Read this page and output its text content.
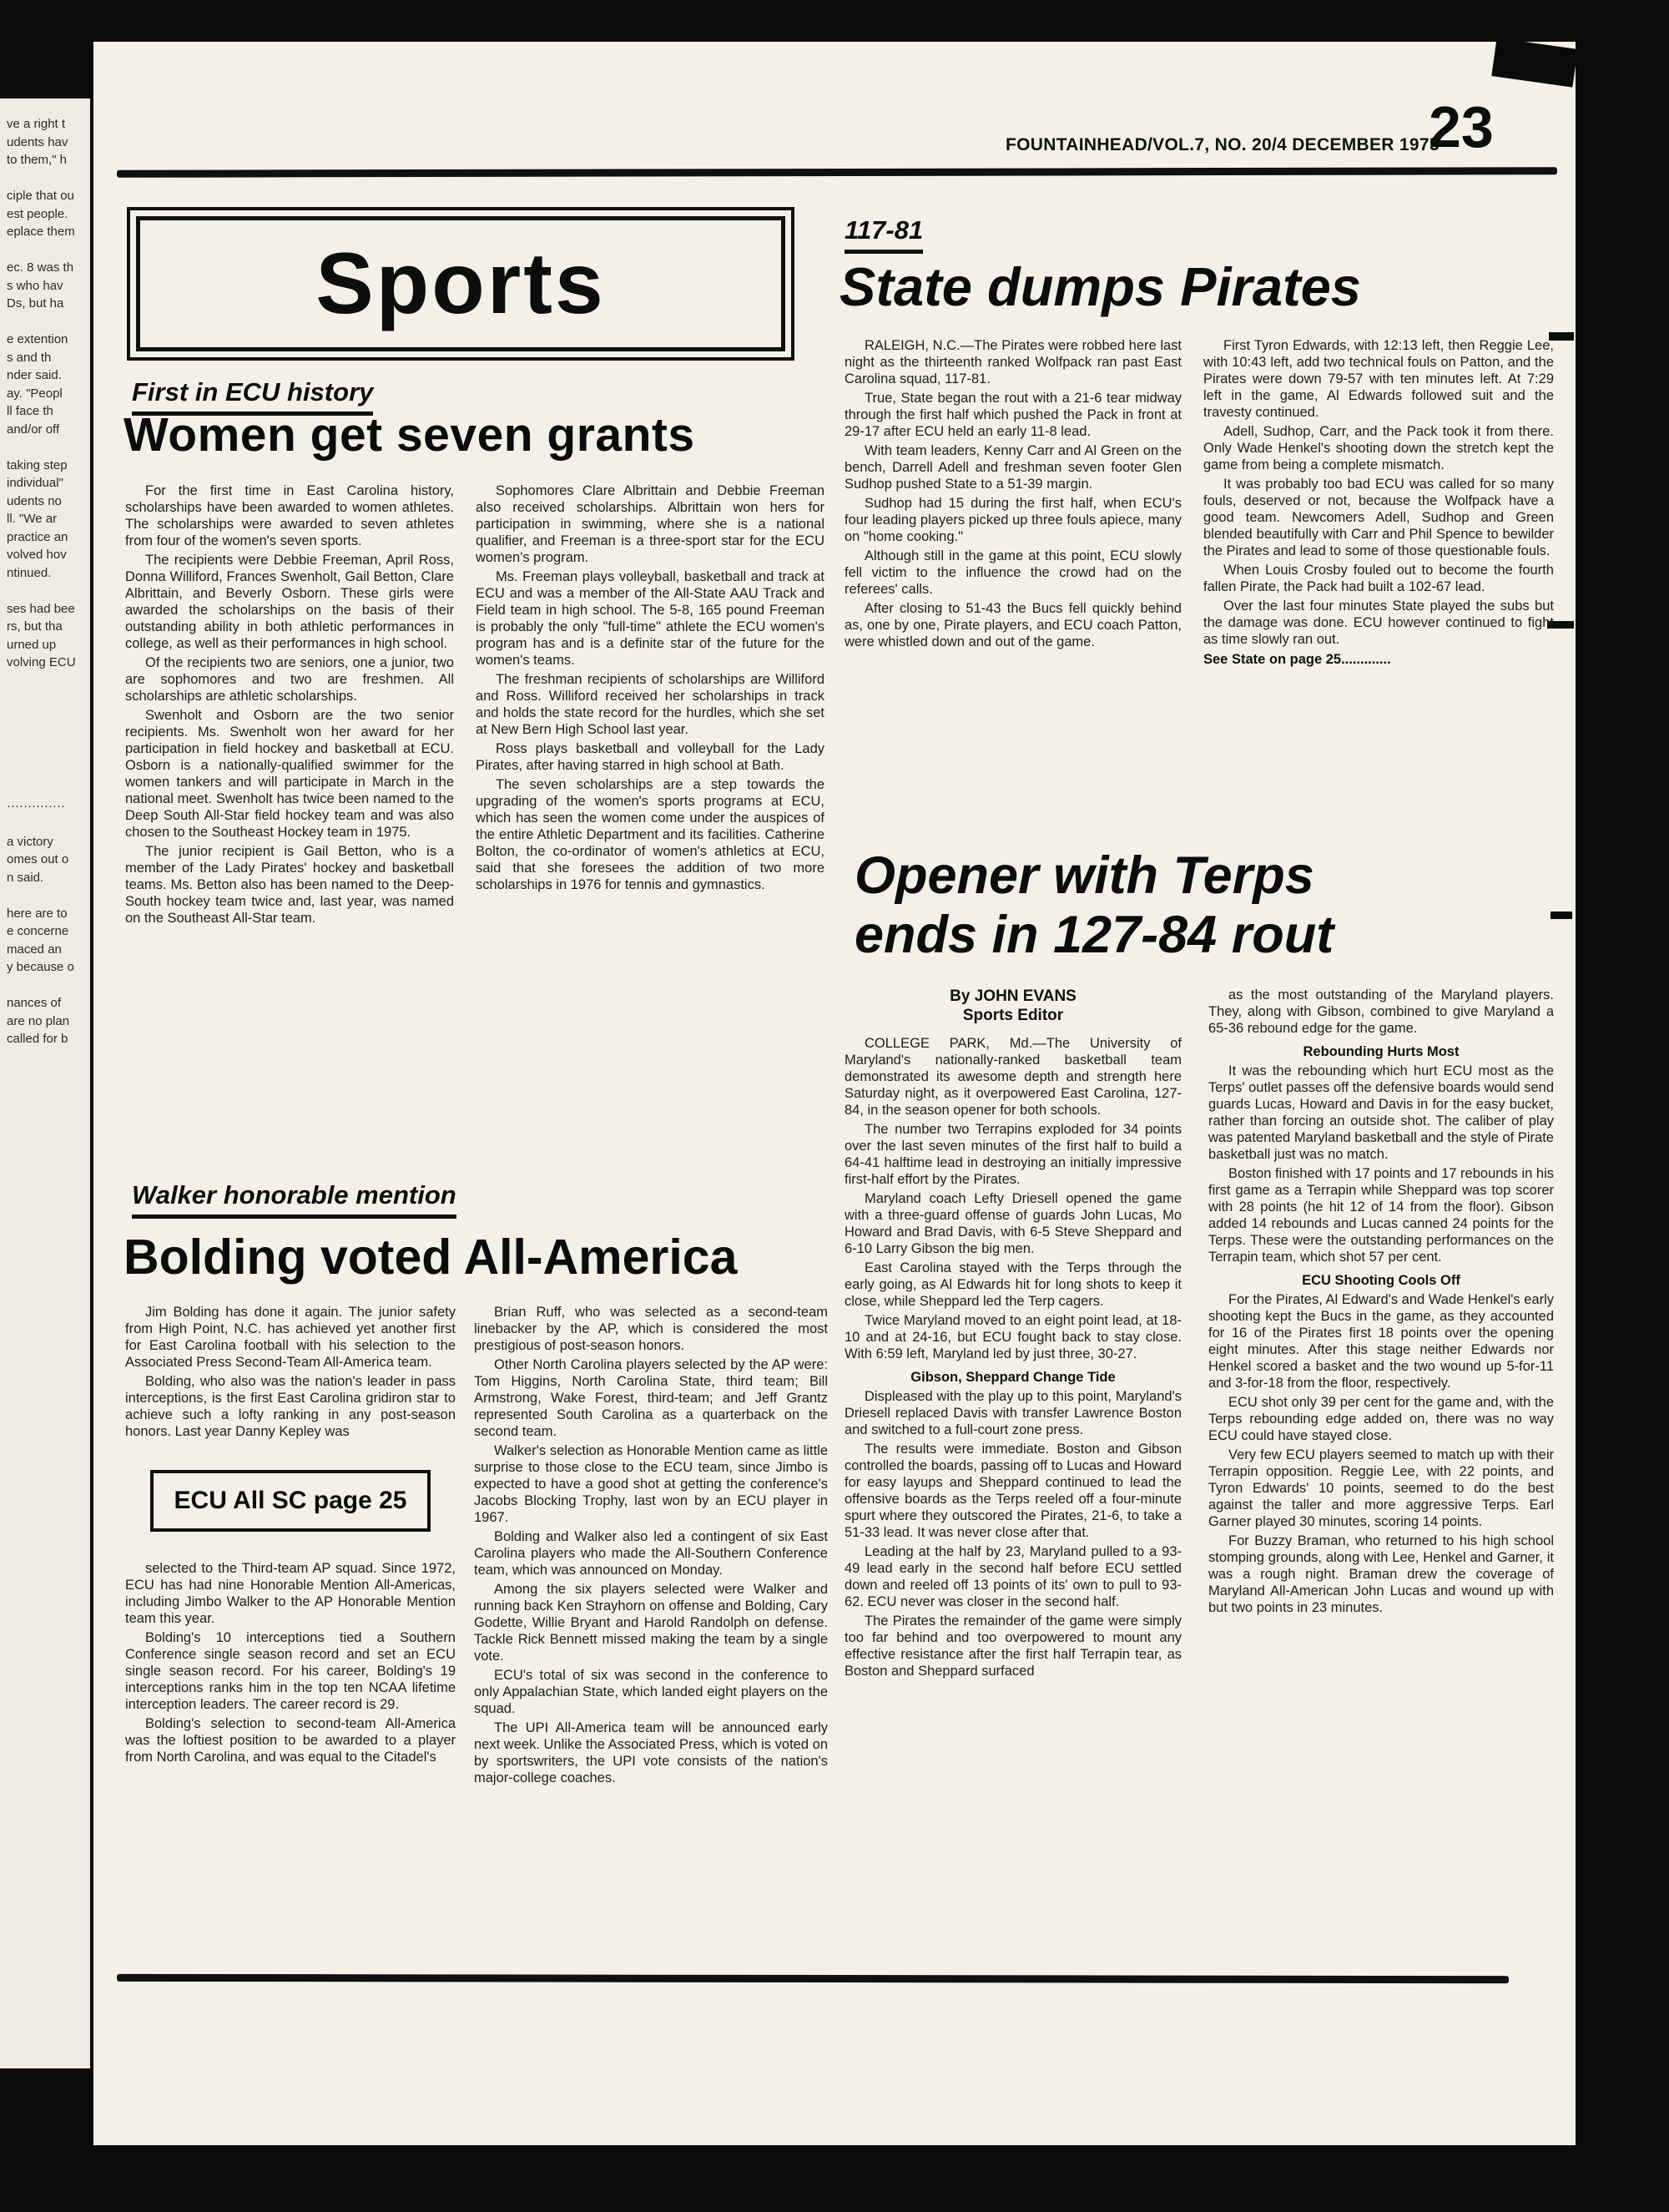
ve a right t

udents hav

to them," h

ciple that ou

est people.

eplace them

ec. 8 was th

s who hav

Ds, but ha

e extention

s and th

nder said.

ay. "Peopl

ll face th

and/or off

taking step

individual"

udents no

ll. "We ar

practice an

volved hov

ntinued.

ses had bee

rs, but tha

urned up

volving ECU

··············

a victory

omes out o

n said.

here are to

e concerne

maced an

y because o

nances of

are no plan

called for b

FOUNTAINHEAD/VOL.7, NO. 20/4 DECEMBER 1975
23
Sports
117-81
State dumps Pirates

RALEIGH, N.C.—The Pirates were robbed here last night as the thirteenth ranked Wolfpack ran past East Carolina squad, 117-81.

True, State began the rout with a 21-6 tear midway through the first half which pushed the Pack in front at 29-17 after ECU held an early 11-8 lead.

With team leaders, Kenny Carr and Al Green on the bench, Darrell Adell and freshman seven footer Glen Sudhop pushed State to a 51-39 margin.

Sudhop had 15 during the first half, when ECU's four leading players picked up three fouls apiece, many on "home cooking."

Although still in the game at this point, ECU slowly fell victim to the influence the crowd had on the referees' calls.

After closing to 51-43 the Bucs fell quickly behind as, one by one, Pirate players, and ECU coach Patton, were whistled down and out of the game.

First Tyron Edwards, with 12:13 left, then Reggie Lee, with 10:43 left, add two technical fouls on Patton, and the Pirates were down 79-57 with ten minutes left. At 7:29 left in the game, Al Edwards followed suit and the travesty continued.

Adell, Sudhop, Carr, and the Pack took it from there. Only Wade Henkel's shooting down the stretch kept the game from being a complete mismatch.

It was probably too bad ECU was called for so many fouls, deserved or not, because the Wolfpack have a good team. Newcomers Adell, Sudhop and Green blended beautifully with Carr and Phil Spence to bewilder the Pirates and lead to some of those questionable fouls.

When Louis Crosby fouled out to become the fourth fallen Pirate, the Pack had built a 102-67 lead.

Over the last four minutes State played the subs but the damage was done. ECU however continued to fight as time slowly ran out.

See State on page 25.............
First in ECU history
Women get seven grants

For the first time in East Carolina history, scholarships have been awarded to women athletes. The scholarships were awarded to seven athletes from four of the women's seven sports.

The recipients were Debbie Freeman, April Ross, Donna Williford, Frances Swenholt, Gail Betton, Clare Albrittain, and Beverly Osborn. These girls were awarded the scholarships on the basis of their outstanding ability in both athletic performances in college, as well as their performances in high school.

Of the recipients two are seniors, one a junior, two are sophomores and two are freshmen. All scholarships are athletic scholarships.

Swenholt and Osborn are the two senior recipients. Ms. Swenholt won her award for her participation in field hockey and basketball at ECU. Osborn is a nationally-qualified swimmer for the women tankers and will participate in March in the national meet. Swenholt has twice been named to the Deep South All-Star field hockey team and was also chosen to the Southeast Hockey team in 1975.

The junior recipient is Gail Betton, who is a member of the Lady Pirates' hockey and basketball teams. Ms. Betton also has been named to the Deep-South hockey team twice and, last year, was named on the Southeast All-Star team.

Sophomores Clare Albrittain and Debbie Freeman also received scholarships. Albrittain won hers for participation in swimming, where she is a national qualifier, and Freeman is a three-sport star for the ECU women's program.

Ms. Freeman plays volleyball, basketball and track at ECU and was a member of the All-State AAU Track and Field team in high school. The 5-8, 165 pound Freeman is probably the only "full-time" athlete the ECU women's program has and is a definite star of the future for the women's teams.

The freshman recipients of scholarships are Williford and Ross. Williford received her scholarships in track and holds the state record for the hurdles, which she set at New Bern High School last year.

Ross plays basketball and volleyball for the Lady Pirates, after having starred in high school at Bath.

The seven scholarships are a step towards the upgrading of the women's sports programs at ECU, which has seen the women come under the auspices of the entire Athletic Department and its facilities. Catherine Bolton, the co-ordinator of women's athletics at ECU, said that she foresees the addition of two more scholarships in 1976 for tennis and gymnastics.	Opener with Terps
ends in 127-84 rout
By JOHN EVANS
Sports Editor

COLLEGE PARK, Md.—The University of Maryland's nationally-ranked basketball team demonstrated its awesome depth and strength here Saturday night, as it overpowered East Carolina, 127-84, in the season opener for both schools.

The number two Terrapins exploded for 34 points over the last seven minutes of the first half to build a 64-41 halftime lead in destroying an initially impressive first-half effort by the Pirates.

Maryland coach Lefty Driesell opened the game with a three-guard offense of guards John Lucas, Mo Howard and Brad Davis, with 6-5 Steve Sheppard and 6-10 Larry Gibson the big men.

East Carolina stayed with the Terps through the early going, as Al Edwards hit for long shots to keep it close, while Sheppard led the Terp cagers.

Twice Maryland moved to an eight point lead, at 18-10 and at 24-16, but ECU fought back to stay close. With 6:59 left, Maryland led by just three, 30-27.

Gibson, Sheppard Change Tide

Displeased with the play up to this point, Maryland's Driesell replaced Davis with transfer Lawrence Boston and switched to a full-court zone press.

The results were immediate. Boston and Gibson controlled the boards, passing off to Lucas and Howard for easy layups and Sheppard continued to lead the offensive boards as the Terps reeled off a four-minute spurt where they outscored the Pirates, 21-6, to take a 51-33 lead. It was never close after that.

Leading at the half by 23, Maryland pulled to a 93-49 lead early in the second half before ECU settled down and reeled off 13 points of its' own to pull to 93-62. ECU never was closer in the second half.

The Pirates the remainder of the game were simply too far behind and too overpowered to mount any effective resistance after the first half Terrapin tear, as Boston and Sheppard surfaced

as the most outstanding of the Maryland players. They, along with Gibson, combined to give Maryland a 65-36 rebound edge for the game.

Rebounding Hurts Most

It was the rebounding which hurt ECU most as the Terps' outlet passes off the defensive boards would send guards Lucas, Howard and Davis in for the easy bucket, rather than forcing an outside shot. The caliber of play was patented Maryland basketball and the style of Pirate basketball just was no match.

Boston finished with 17 points and 17 rebounds in his first game as a Terrapin while Sheppard was top scorer with 28 points (he hit 12 of 14 from the floor). Gibson added 14 rebounds and Lucas canned 24 points for the Terps. These were the outstanding performances on the Terrapin team, which shot 57 per cent.

ECU Shooting Cools Off

For the Pirates, Al Edward's and Wade Henkel's early shooting kept the Bucs in the game, as they accounted for 16 of the Pirates first 18 points over the opening eight minutes. After this stage neither Edwards nor Henkel scored a basket and the two wound up 5-for-11 and 3-for-18 from the floor, respectively.

ECU shot only 39 per cent for the game and, with the Terps rebounding edge added on, there was no way ECU could have stayed close.

Very few ECU players seemed to match up with their Terrapin opposition. Reggie Lee, with 22 points, and Tyron Edwards' 10 points, seemed to do the best against the taller and more aggressive Terps. Earl Garner played 30 minutes, scoring 14 points.

For Buzzy Braman, who returned to his high school stomping grounds, along with Lee, Henkel and Garner, it was a rough night. Braman drew the coverage of Maryland All-American John Lucas and wound up with but two points in 23 minutes.

Walker honorable mention
Bolding voted All-America

Jim Bolding has done it again. The junior safety from High Point, N.C. has achieved yet another first for East Carolina football with his selection to the Associated Press Second-Team All-America team.

Bolding, who also was the nation's leader in pass interceptions, is the first East Carolina gridiron star to achieve such a lofty ranking in any post-season honors. Last year Danny Kepley was

ECU All SC page 25

selected to the Third-team AP squad. Since 1972, ECU has had nine Honorable Mention All-Americas, including Jimbo Walker to the AP Honorable Mention team this year.

Bolding's 10 interceptions tied a Southern Conference single season record and set an ECU single season record. For his career, Bolding's 19 interceptions ranks him in the top ten NCAA lifetime interception leaders. The career record is 29.

Bolding's selection to second-team All-America was the loftiest position to be awarded to a player from North Carolina, and was equal to the Citadel's

Brian Ruff, who was selected as a second-team linebacker by the AP, which is considered the most prestigious of post-season honors.

Other North Carolina players selected by the AP were: Tom Higgins, North Carolina State, third team; Bill Armstrong, Wake Forest, third-team; and Jeff Grantz represented South Carolina as a quarterback on the second team.

Walker's selection as Honorable Mention came as little surprise to those close to the ECU team, since Jimbo is expected to have a good shot at getting the conference's Jacobs Blocking Trophy, last won by an ECU player in 1967.

Bolding and Walker also led a contingent of six East Carolina players who made the All-Southern Conference team, which was announced on Monday.

Among the six players selected were Walker and running back Ken Strayhorn on offense and Bolding, Cary Godette, Willie Bryant and Harold Randolph on defense. Tackle Rick Bennett missed making the team by a single vote.

ECU's total of six was second in the conference to only Appalachian State, which landed eight players on the squad.

The UPI All-America team will be announced early next week. Unlike the Associated Press, which is voted on by sportswriters, the UPI vote consists of the nation's major-college coaches.
